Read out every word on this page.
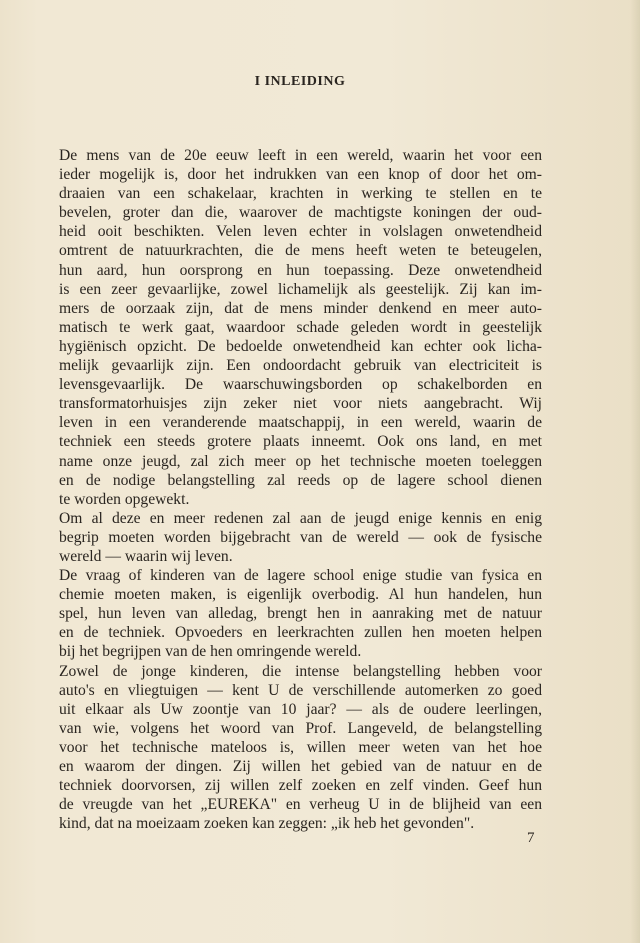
I INLEIDING
De mens van de 20e eeuw leeft in een wereld, waarin het voor een
ieder mogelijk is, door het indrukken van een knop of door het om-
draaien van een schakelaar, krachten in werking te stellen en te
bevelen, groter dan die, waarover de machtigste koningen der oud-
heid ooit beschikten. Velen leven echter in volslagen onwetendheid
omtrent de natuurkrachten, die de mens heeft weten te beteugelen,
hun aard, hun oorsprong en hun toepassing. Deze onwetendheid
is een zeer gevaarlijke, zowel lichamelijk als geestelijk. Zij kan im-
mers de oorzaak zijn, dat de mens minder denkend en meer auto-
matisch te werk gaat, waardoor schade geleden wordt in geestelijk
hygiënisch opzicht. De bedoelde onwetendheid kan echter ook licha-
melijk gevaarlijk zijn. Een ondoordacht gebruik van electriciteit is
levensgevaarlijk. De waarschuwingsborden op schakelborden en
transformatorhuisjes zijn zeker niet voor niets aangebracht. Wij
leven in een veranderende maatschappij, in een wereld, waarin de
techniek een steeds grotere plaats inneemt. Ook ons land, en met
name onze jeugd, zal zich meer op het technische moeten toeleggen
en de nodige belangstelling zal reeds op de lagere school dienen
te worden opgewekt.
Om al deze en meer redenen zal aan de jeugd enige kennis en enig
begrip moeten worden bijgebracht van de wereld — ook de fysische
wereld — waarin wij leven.
De vraag of kinderen van de lagere school enige studie van fysica en
chemie moeten maken, is eigenlijk overbodig. Al hun handelen, hun
spel, hun leven van alledag, brengt hen in aanraking met de natuur
en de techniek. Opvoeders en leerkrachten zullen hen moeten helpen
bij het begrijpen van de hen omringende wereld.
Zowel de jonge kinderen, die intense belangstelling hebben voor
auto's en vliegtuigen — kent U de verschillende automerken zo goed
uit elkaar als Uw zoontje van 10 jaar? — als de oudere leerlingen,
van wie, volgens het woord van Prof. Langeveld, de belangstelling
voor het technische mateloos is, willen meer weten van het hoe
en waarom der dingen. Zij willen het gebied van de natuur en de
techniek doorvorsen, zij willen zelf zoeken en zelf vinden. Geef hun
de vreugde van het „EUREKA" en verheug U in de blijheid van een
kind, dat na moeizaam zoeken kan zeggen: „ik heb het gevonden".
7
